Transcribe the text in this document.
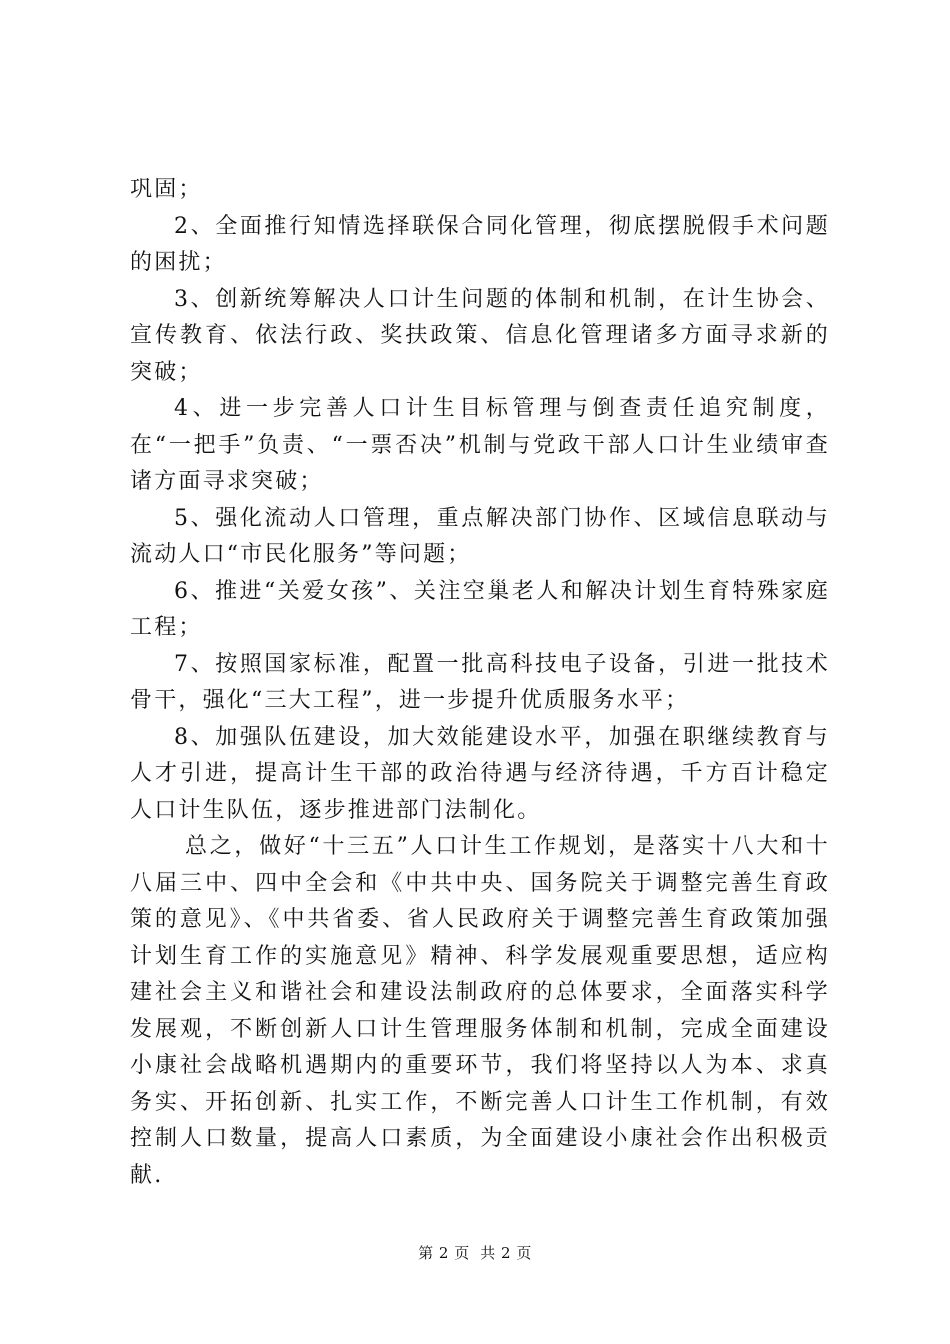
巩固；

2、全面推行知情选择联保合同化管理，彻底摆脱假手术问题的困扰；

3、创新统筹解决人口计生问题的体制和机制，在计生协会、宣传教育、依法行政、奖扶政策、信息化管理诸多方面寻求新的突破；

4、进一步完善人口计生目标管理与倒查责任追究制度，在“一把手”负责、“一票否决”机制与党政干部人口计生业绩审查诸方面寻求突破；

5、强化流动人口管理，重点解决部门协作、区域信息联动与流动人口“市民化服务”等问题；

6、推进“关爱女孩”、关注空巢老人和解决计划生育特殊家庭工程；

7、按照国家标准，配置一批高科技电子设备，引进一批技术骨干，强化“三大工程”，进一步提升优质服务水平；

8、加强队伍建设，加大效能建设水平，加强在职继续教育与人才引进，提高计生干部的政治待遇与经济待遇，千方百计稳定人口计生队伍，逐步推进部门法制化。

总之，做好“十三五”人口计生工作规划，是落实十八大和十八届三中、四中全会和《中共中央、国务院关于调整完善生育政策的意见》、《中共省委、省人民政府关于调整完善生育政策加强计划生育工作的实施意见》精神、科学发展观重要思想，适应构建社会主义和谐社会和建设法制政府的总体要求，全面落实科学发展观，不断创新人口计生管理服务体制和机制，完成全面建设小康社会战略机遇期内的重要环节，我们将坚持以人为本、求真务实、开拓创新、扎实工作，不断完善人口计生工作机制，有效控制人口数量，提高人口素质，为全面建设小康社会作出积极贡献.

第 2 页  共 2 页
